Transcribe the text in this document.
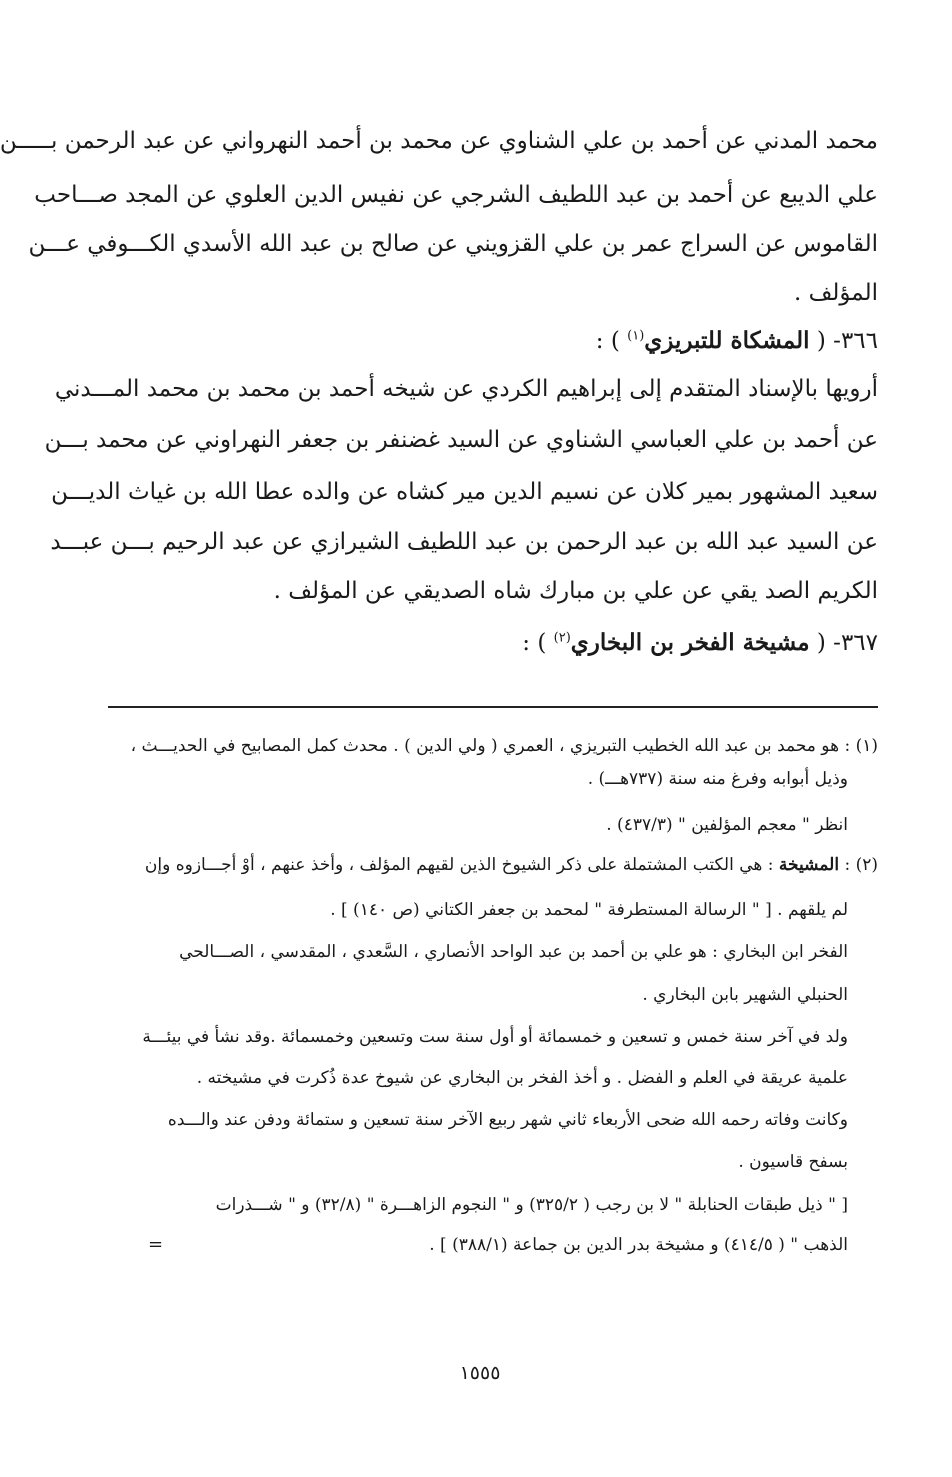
محمد المدني عن أحمد بن علي الشناوي عن محمد بن أحمد النهرواني عن عبد الرحمن بـــــن
علي الديبع عن أحمد بن عبد اللطيف الشرجي عن نفيس الدين العلوي عن المجد صـــاحب
القاموس عن السراج عمر بن علي القزويني عن صالح بن عبد الله الأسدي الكـــوفي عـــن
المؤلف .
٣٦٦- ( المشكاة للتبريزي$^{(١)}$ ) :
أرويها بالإسناد المتقدم إلى إبراهيم الكردي عن شيخه أحمد بن محمد بن محمد المـــدني
عن أحمد بن علي العباسي الشناوي عن السيد غضنفر بن جعفر النهراوني عن محمد بـــن
سعيد المشهور بمير كلان عن نسيم الدين مير كشاه عن والده عطا الله بن غياث الديـــن
عن السيد عبد الله بن عبد الرحمن بن عبد اللطيف الشيرازي عن عبد الرحيم بـــن عبـــد
الكريم الصد يقي عن علي بن مبارك شاه الصديقي عن المؤلف .
٣٦٧- ( مشيخة الفخر بن البخاري$^{(٢)}$ ) :
(١) : هو محمد بن عبد الله الخطيب التبريزي ، العمري ( ولي الدين ) . محدث كمل المصابيح في الحديـــث ،
وذيل أبوابه وفرغ منه سنة (٧٣٧هـــ) .
انظر " معجم المؤلفين " (٤٣٧/٣) .
(٢) : المشيخة : هي الكتب المشتملة على ذكر الشيوخ الذين لقيهم المؤلف ، وأخذ عنهم ، أوْ أجـــازوه وإن
لم يلقهم . [ " الرسالة المستطرفة " لمحمد بن جعفر الكتاني (ص ١٤٠) ] .
الفخر ابن البخاري : هو علي بن أحمد بن عبد الواحد الأنصاري ، السَّعدي ، المقدسي ، الصـــالحي
الحنبلي الشهير بابن البخاري .
ولد في آخر سنة خمس و تسعين و خمسمائة أو أول سنة ست وتسعين وخمسمائة .وقد نشأ في بيئـــة
علمية عريقة في العلم و الفضل . و أخذ الفخر بن البخاري عن شيوخ عدة ذُكرت في مشيخته .
وكانت وفاته رحمه الله ضحى الأربعاء ثاني شهر ربيع الآخر سنة تسعين و ستمائة ودفن عند والـــده
بسفح قاسيون .
[ " ذيل طبقات الحنابلة " لا بن رجب ( ٣٢٥/٢) و " النجوم الزاهـــرة " (٣٢/٨) و " شـــذرات
الذهب " ( ٤١٤/٥) و مشيخة بدر الدين بن جماعة (٣٨٨/١) ] .
=
١٥٥٥
